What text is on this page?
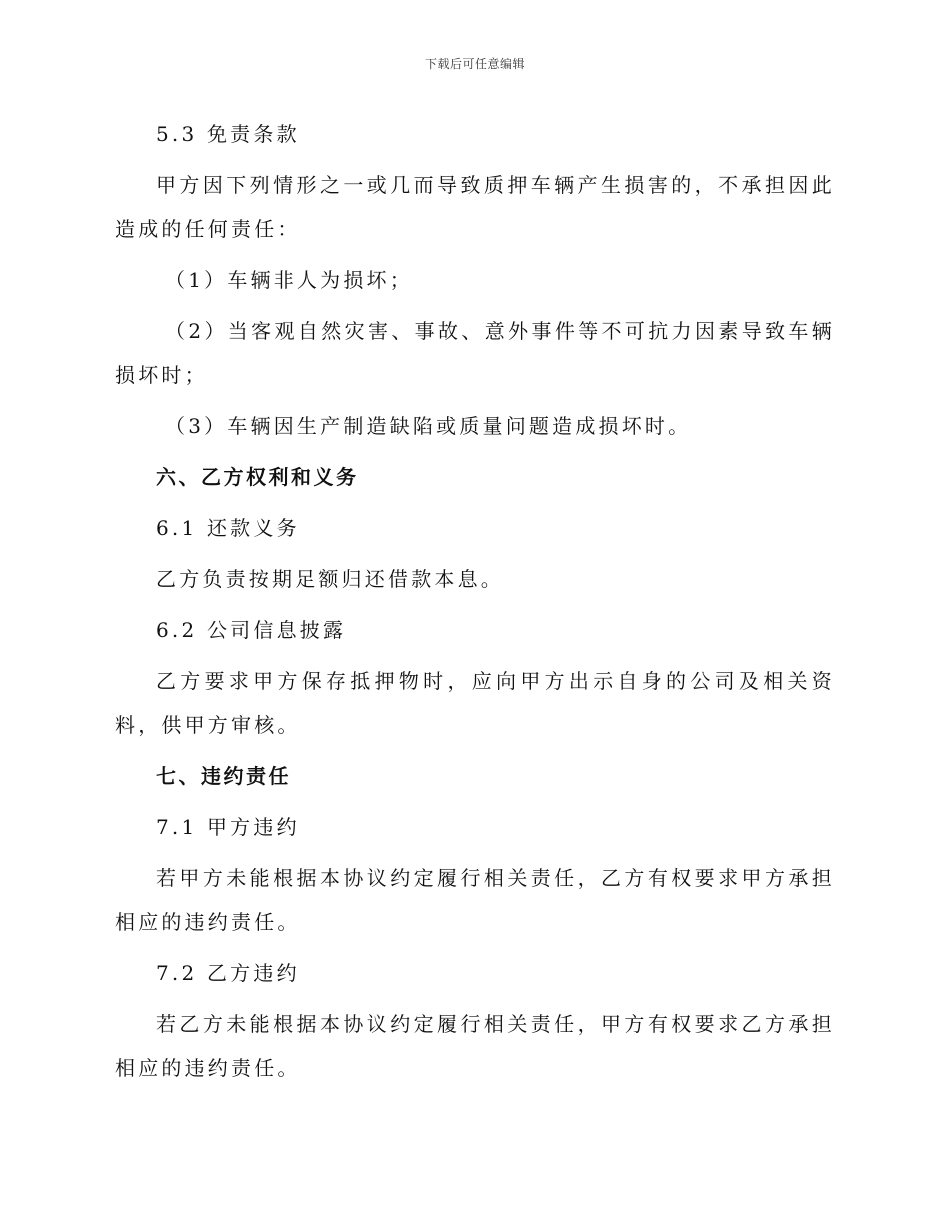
下载后可任意编辑

5.3 免责条款

甲方因下列情形之一或几而导致质押车辆产生损害的，不承担因此造成的任何责任：

（1）车辆非人为损坏；

（2）当客观自然灾害、事故、意外事件等不可抗力因素导致车辆损坏时；

（3）车辆因生产制造缺陷或质量问题造成损坏时。

六、乙方权利和义务

6.1 还款义务

乙方负责按期足额归还借款本息。

6.2 公司信息披露

乙方要求甲方保存抵押物时，应向甲方出示自身的公司及相关资料，供甲方审核。

七、违约责任

7.1 甲方违约

若甲方未能根据本协议约定履行相关责任，乙方有权要求甲方承担相应的违约责任。

7.2 乙方违约

若乙方未能根据本协议约定履行相关责任，甲方有权要求乙方承担相应的违约责任。
